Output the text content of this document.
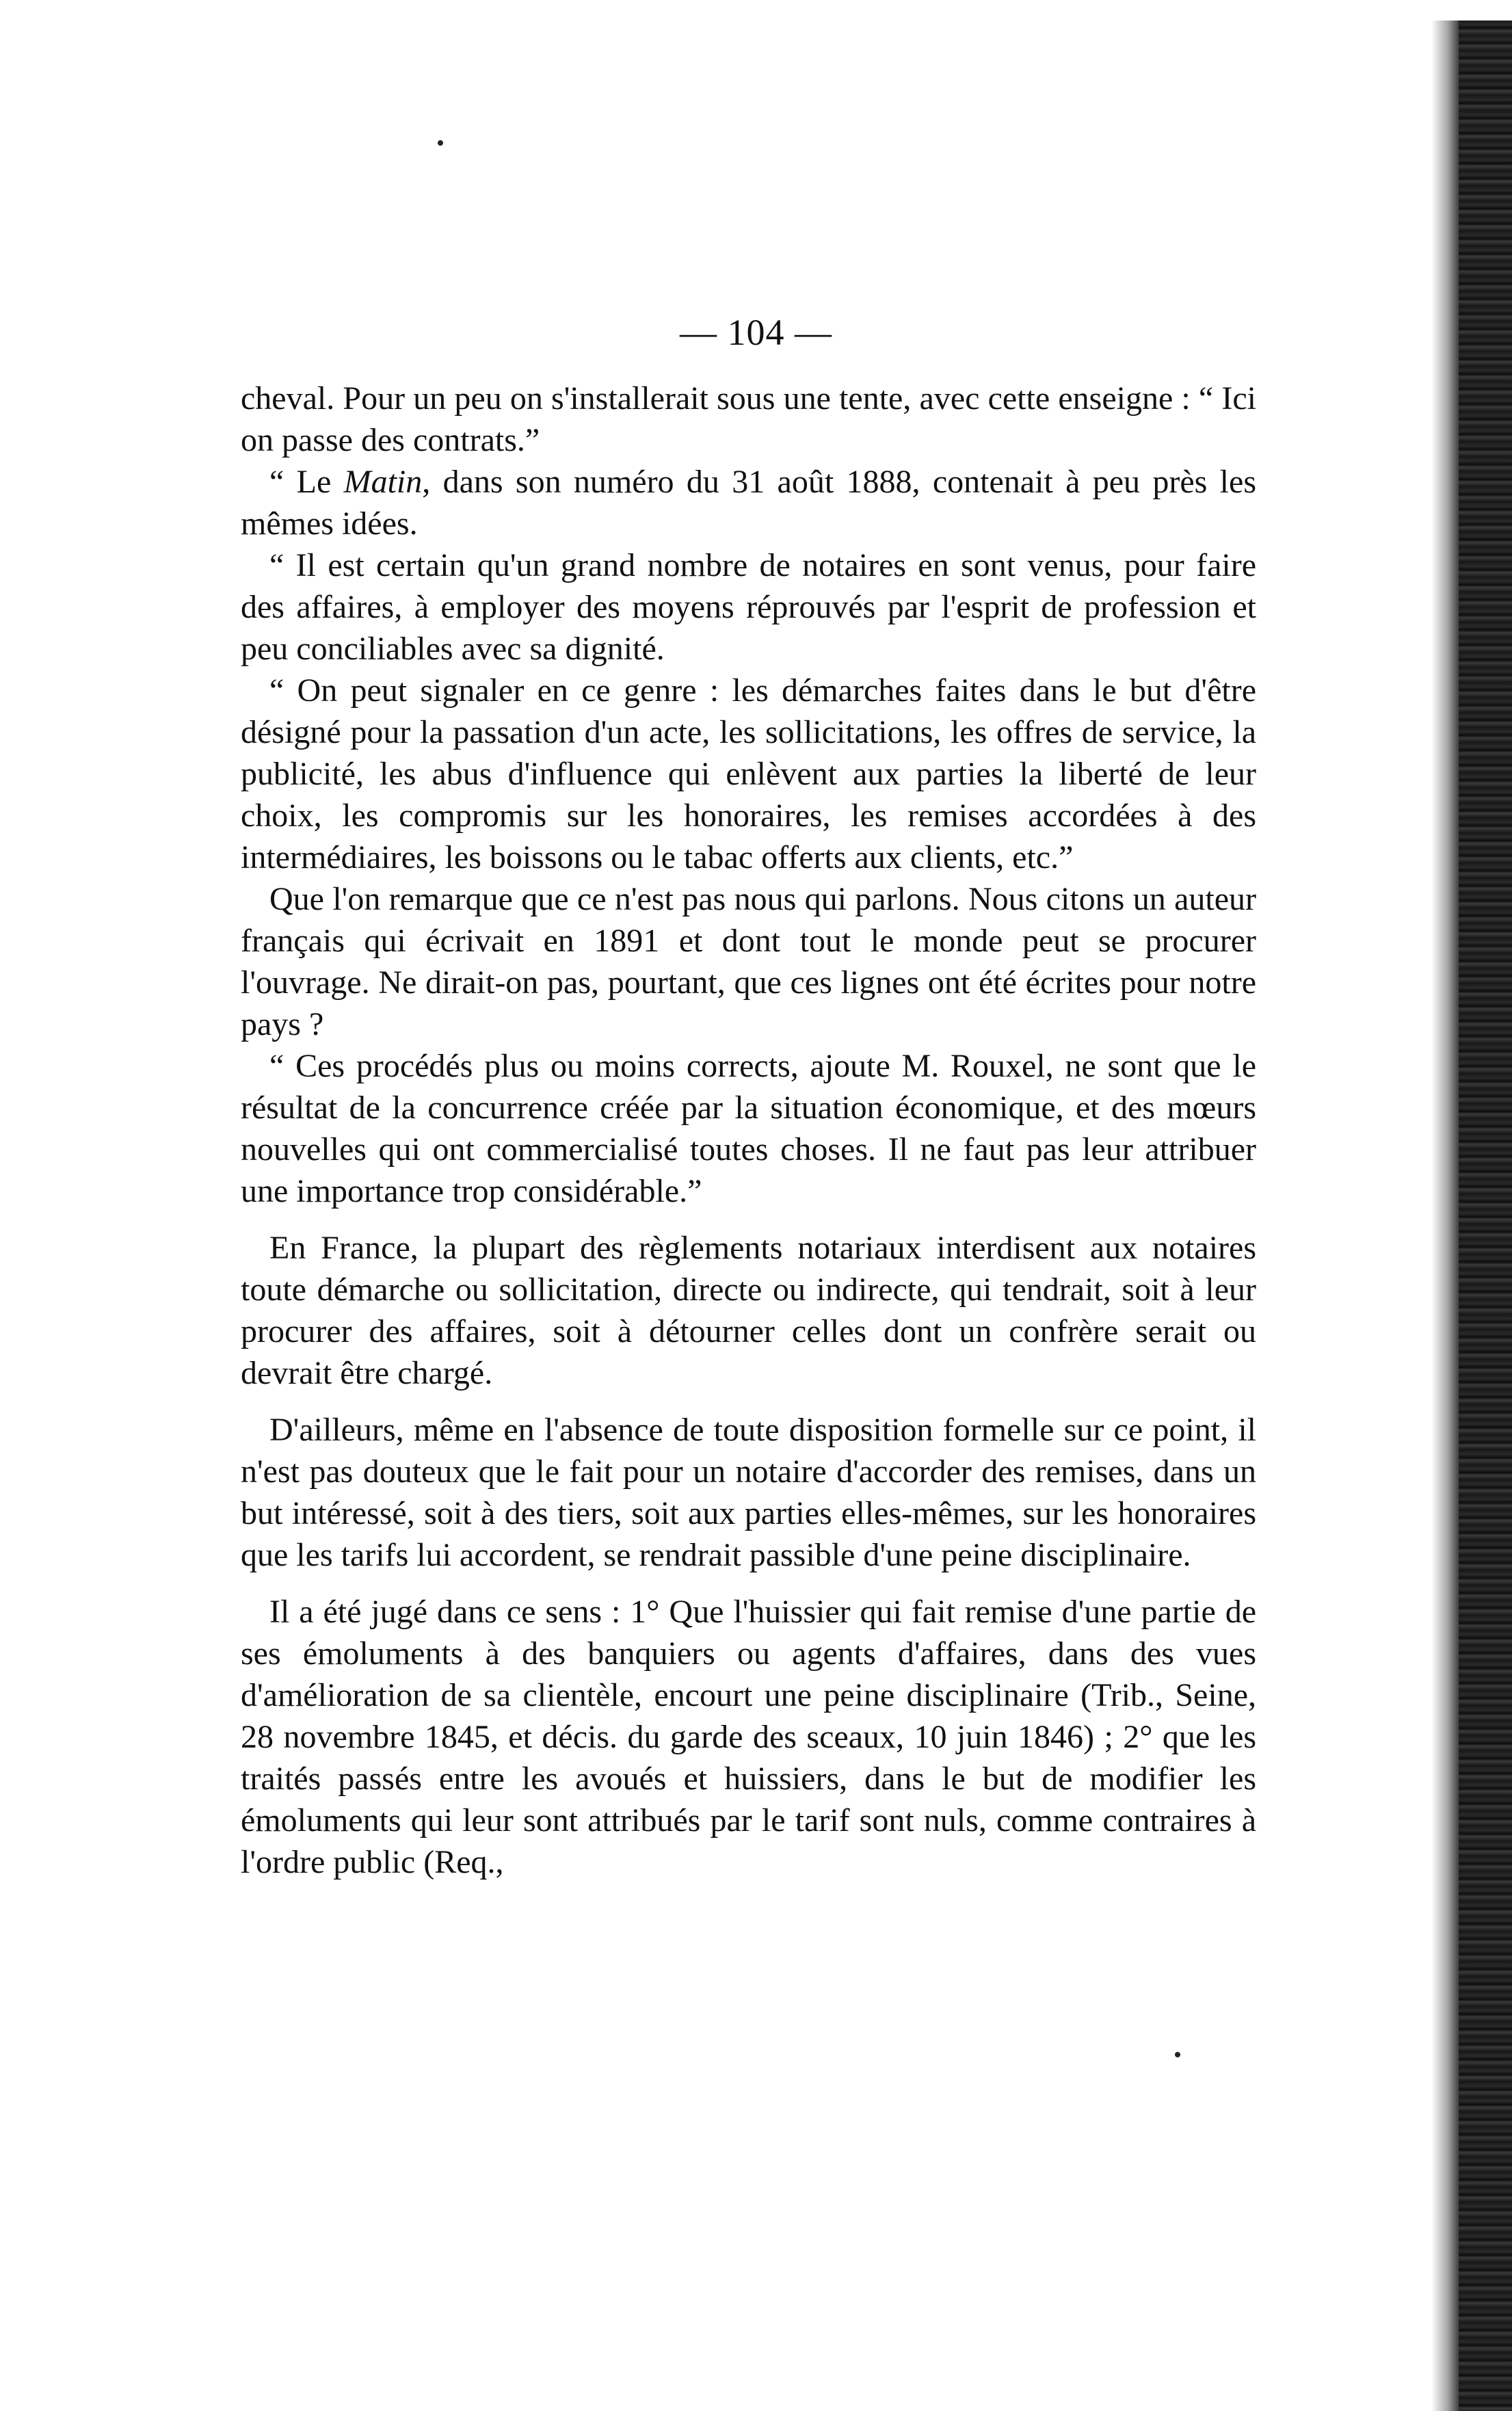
— 104 —

cheval. Pour un peu on s'installerait sous une tente, avec cette enseigne : “ Ici on passe des contrats.”

“ Le Matin, dans son numéro du 31 août 1888, contenait à peu près les mêmes idées.

“ Il est certain qu'un grand nombre de notaires en sont venus, pour faire des affaires, à employer des moyens réprouvés par l'esprit de profession et peu conciliables avec sa dignité.

“ On peut signaler en ce genre : les démarches faites dans le but d'être désigné pour la passation d'un acte, les sollicitations, les offres de service, la publicité, les abus d'influence qui enlèvent aux parties la liberté de leur choix, les compromis sur les honoraires, les remises accordées à des intermédiaires, les boissons ou le tabac offerts aux clients, etc.”

Que l'on remarque que ce n'est pas nous qui parlons. Nous citons un auteur français qui écrivait en 1891 et dont tout le monde peut se procurer l'ouvrage. Ne dirait-on pas, pourtant, que ces lignes ont été écrites pour notre pays ?

“ Ces procédés plus ou moins corrects, ajoute M. Rouxel, ne sont que le résultat de la concurrence créée par la situation économique, et des mœurs nouvelles qui ont commercialisé toutes choses. Il ne faut pas leur attribuer une importance trop considérable.”

En France, la plupart des règlements notariaux interdisent aux notaires toute démarche ou sollicitation, directe ou indirecte, qui tendrait, soit à leur procurer des affaires, soit à détourner celles dont un confrère serait ou devrait être chargé.

D'ailleurs, même en l'absence de toute disposition formelle sur ce point, il n'est pas douteux que le fait pour un notaire d'accorder des remises, dans un but intéressé, soit à des tiers, soit aux parties elles-mêmes, sur les honoraires que les tarifs lui accordent, se rendrait passible d'une peine disciplinaire.

Il a été jugé dans ce sens : 1° Que l'huissier qui fait remise d'une partie de ses émoluments à des banquiers ou agents d'affaires, dans des vues d'amélioration de sa clientèle, encourt une peine disciplinaire (Trib., Seine, 28 novembre 1845, et décis. du garde des sceaux, 10 juin 1846) ; 2° que les traités passés entre les avoués et huissiers, dans le but de modifier les émoluments qui leur sont attribués par le tarif sont nuls, comme contraires à l'ordre public (Req.,
